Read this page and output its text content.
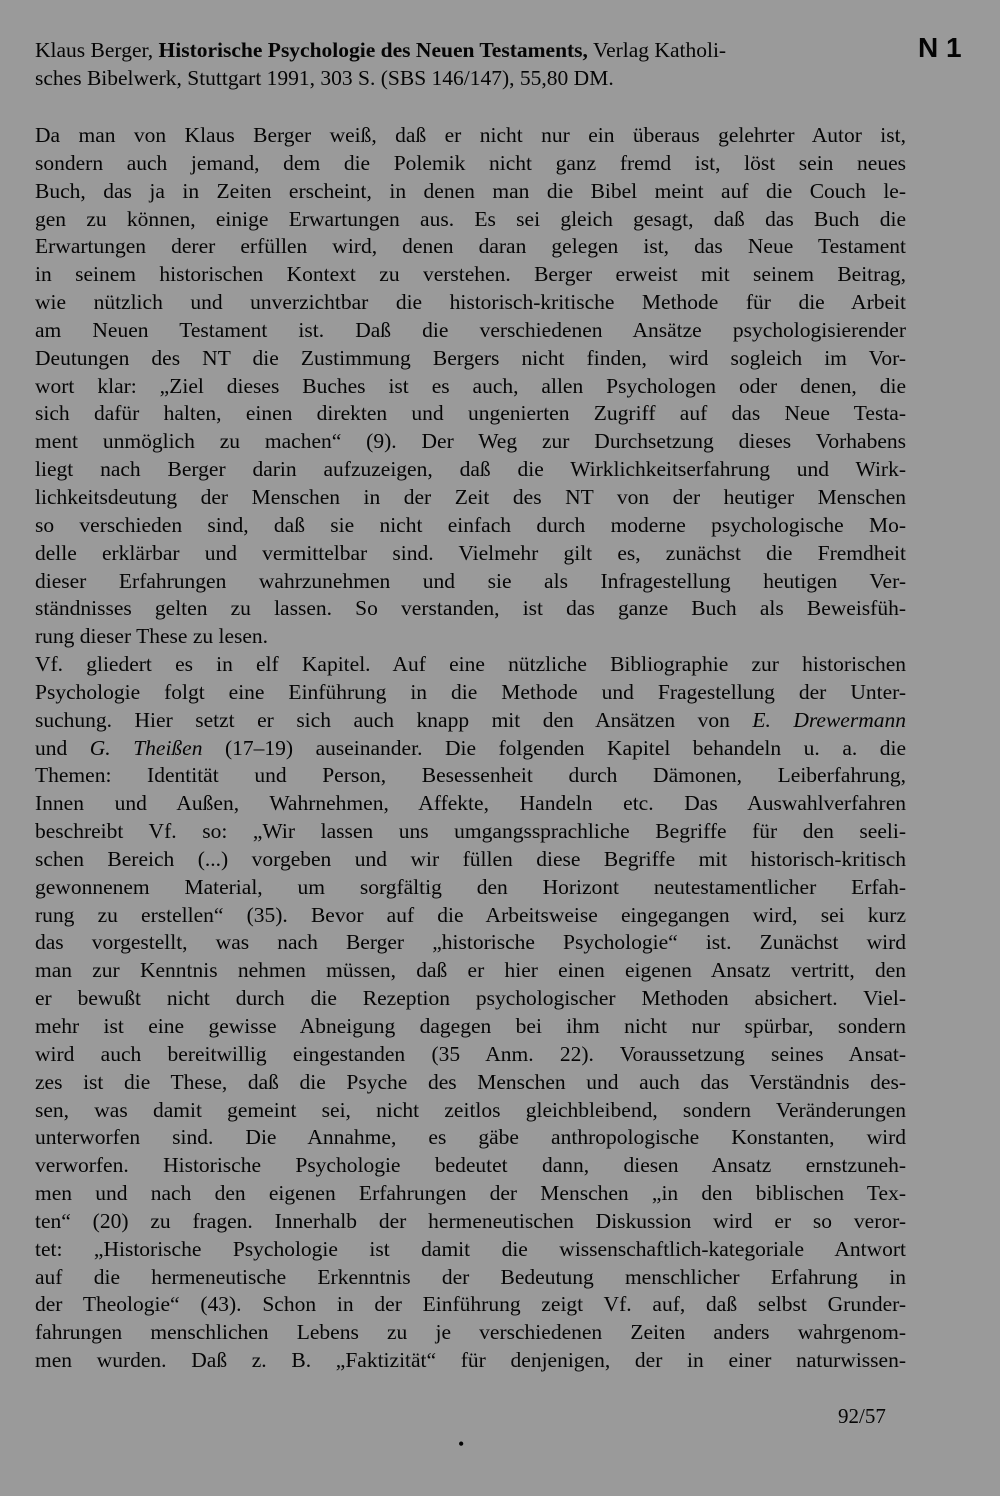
Klaus Berger, Historische Psychologie des Neuen Testaments, Verlag Katholi-
sches Bibelwerk, Stuttgart 1991, 303 S. (SBS 146/147), 55,80 DM.
N 1
Da man von Klaus Berger weiß, daß er nicht nur ein überaus gelehrter Autor ist,
sondern auch jemand, dem die Polemik nicht ganz fremd ist, löst sein neues
Buch, das ja in Zeiten erscheint, in denen man die Bibel meint auf die Couch le-
gen zu können, einige Erwartungen aus. Es sei gleich gesagt, daß das Buch die
Erwartungen derer erfüllen wird, denen daran gelegen ist, das Neue Testament
in seinem historischen Kontext zu verstehen. Berger erweist mit seinem Beitrag,
wie nützlich und unverzichtbar die historisch-kritische Methode für die Arbeit
am Neuen Testament ist. Daß die verschiedenen Ansätze psychologisierender
Deutungen des NT die Zustimmung Bergers nicht finden, wird sogleich im Vor-
wort klar: „Ziel dieses Buches ist es auch, allen Psychologen oder denen, die
sich dafür halten, einen direkten und ungenierten Zugriff auf das Neue Testa-
ment unmöglich zu machen“ (9). Der Weg zur Durchsetzung dieses Vorhabens
liegt nach Berger darin aufzuzeigen, daß die Wirklichkeitserfahrung und Wirk-
lichkeitsdeutung der Menschen in der Zeit des NT von der heutiger Menschen
so verschieden sind, daß sie nicht einfach durch moderne psychologische Mo-
delle erklärbar und vermittelbar sind. Vielmehr gilt es, zunächst die Fremdheit
dieser Erfahrungen wahrzunehmen und sie als Infragestellung heutigen Ver-
ständnisses gelten zu lassen. So verstanden, ist das ganze Buch als Beweisfüh-
rung dieser These zu lesen.
Vf. gliedert es in elf Kapitel. Auf eine nützliche Bibliographie zur historischen
Psychologie folgt eine Einführung in die Methode und Fragestellung der Unter-
suchung. Hier setzt er sich auch knapp mit den Ansätzen von E. Drewermann
und G. Theißen (17–19) auseinander. Die folgenden Kapitel behandeln u. a. die
Themen: Identität und Person, Besessenheit durch Dämonen, Leiberfahrung,
Innen und Außen, Wahrnehmen, Affekte, Handeln etc. Das Auswahlverfahren
beschreibt Vf. so: „Wir lassen uns umgangssprachliche Begriffe für den seeli-
schen Bereich (...) vorgeben und wir füllen diese Begriffe mit historisch-kritisch
gewonnenem Material, um sorgfältig den Horizont neutestamentlicher Erfah-
rung zu erstellen“ (35). Bevor auf die Arbeitsweise eingegangen wird, sei kurz
das vorgestellt, was nach Berger „historische Psychologie“ ist. Zunächst wird
man zur Kenntnis nehmen müssen, daß er hier einen eigenen Ansatz vertritt, den
er bewußt nicht durch die Rezeption psychologischer Methoden absichert. Viel-
mehr ist eine gewisse Abneigung dagegen bei ihm nicht nur spürbar, sondern
wird auch bereitwillig eingestanden (35 Anm. 22). Voraussetzung seines Ansat-
zes ist die These, daß die Psyche des Menschen und auch das Verständnis des-
sen, was damit gemeint sei, nicht zeitlos gleichbleibend, sondern Veränderungen
unterworfen sind. Die Annahme, es gäbe anthropologische Konstanten, wird
verworfen. Historische Psychologie bedeutet dann, diesen Ansatz ernstzuneh-
men und nach den eigenen Erfahrungen der Menschen „in den biblischen Tex-
ten“ (20) zu fragen. Innerhalb der hermeneutischen Diskussion wird er so veror-
tet: „Historische Psychologie ist damit die wissenschaftlich-kategoriale Antwort
auf die hermeneutische Erkenntnis der Bedeutung menschlicher Erfahrung in
der Theologie“ (43). Schon in der Einführung zeigt Vf. auf, daß selbst Grunder-
fahrungen menschlichen Lebens zu je verschiedenen Zeiten anders wahrgenom-
men wurden. Daß z. B. „Faktizität“ für denjenigen, der in einer naturwissen-
92/57
•
